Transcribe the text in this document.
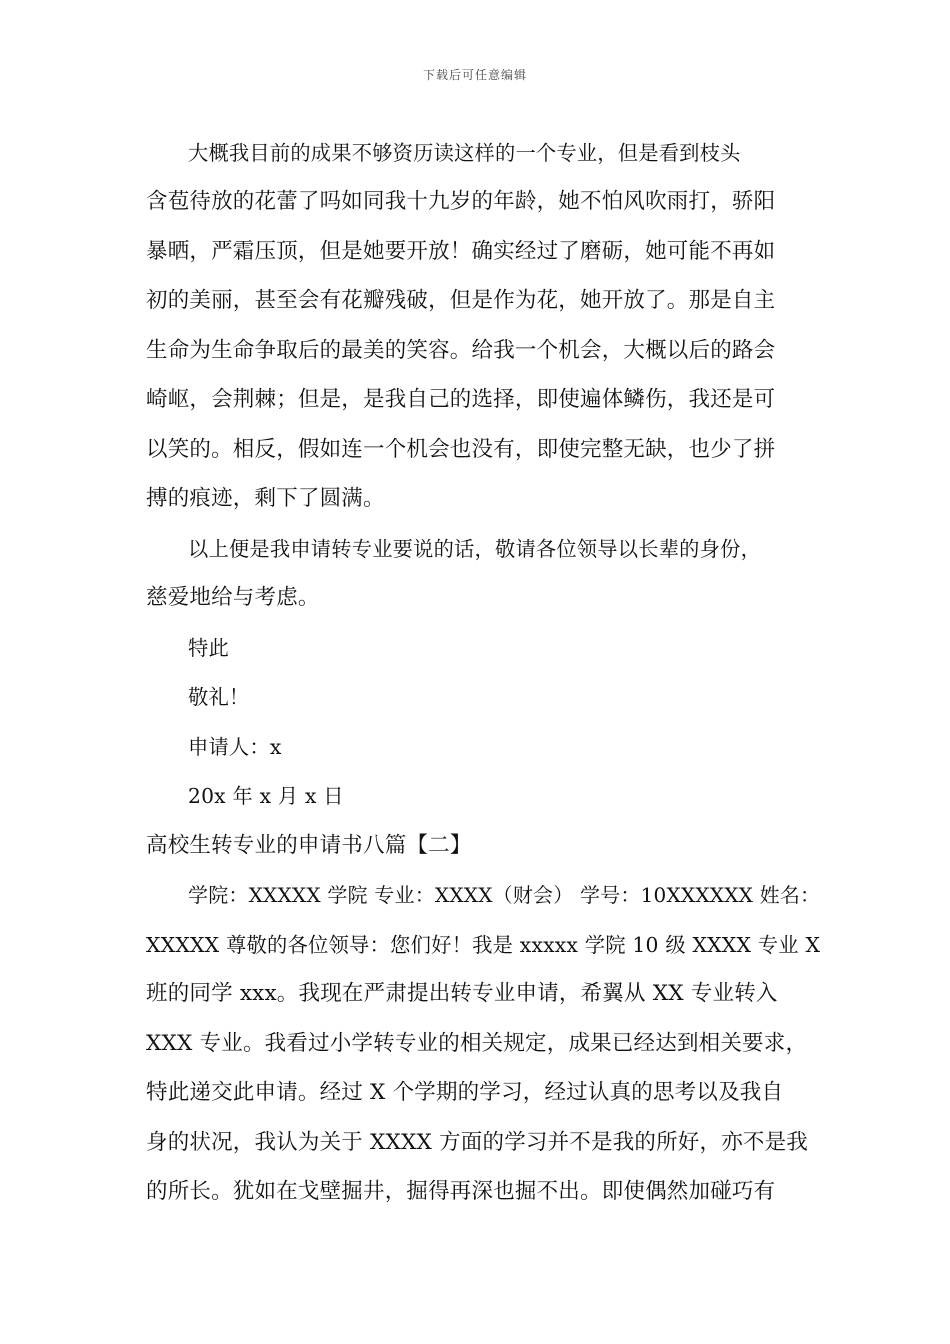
下载后可任意编辑
大概我目前的成果不够资历读这样的一个专业，但是看到枝头
含苞待放的花蕾了吗如同我十九岁的年龄，她不怕风吹雨打，骄阳
暴晒，严霜压顶，但是她要开放！确实经过了磨砺，她可能不再如
初的美丽，甚至会有花瓣残破，但是作为花，她开放了。那是自主
生命为生命争取后的最美的笑容。给我一个机会，大概以后的路会
崎岖，会荆棘；但是，是我自己的选择，即使遍体鳞伤，我还是可
以笑的。相反，假如连一个机会也没有，即使完整无缺，也少了拼
搏的痕迹，剩下了圆满。
以上便是我申请转专业要说的话，敬请各位领导以长辈的身份，
慈爱地给与考虑。
特此
敬礼！
申请人：x
20x 年 x 月 x 日
高校生转专业的申请书八篇【二】
学院：XXXXX 学院 专业：XXXX（财会） 学号：10XXXXXX 姓名：
XXXXX 尊敬的各位领导：您们好！我是 xxxxx 学院 10 级 XXXX 专业 X
班的同学 xxx。我现在严肃提出转专业申请，希翼从 XX 专业转入
XXX 专业。我看过小学转专业的相关规定，成果已经达到相关要求，
特此递交此申请。经过 X 个学期的学习，经过认真的思考以及我自
身的状况，我认为关于 XXXX 方面的学习并不是我的所好，亦不是我
的所长。犹如在戈壁掘井，掘得再深也掘不出。即使偶然加碰巧有
